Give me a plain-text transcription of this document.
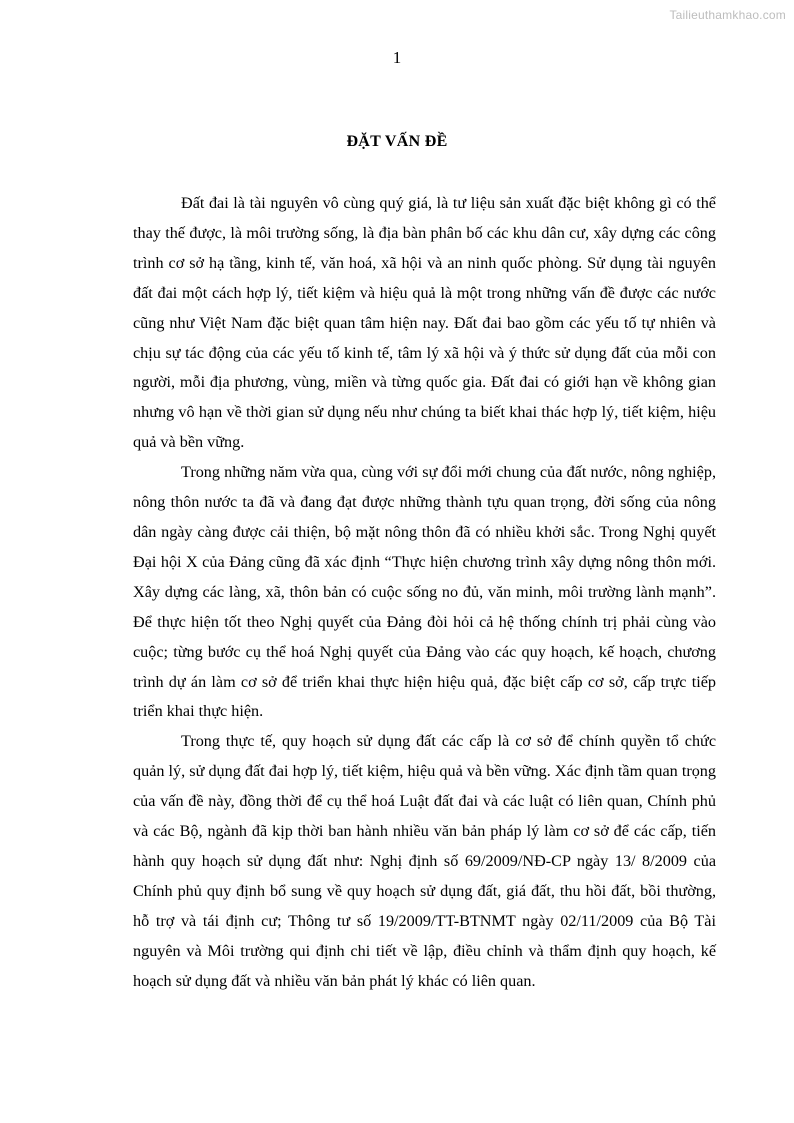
Tailieuthamkhao.com
1
ĐẶT VẤN ĐỀ

Đất đai là tài nguyên vô cùng quý giá, là tư liệu sản xuất đặc biệt không gì có thể thay thế được, là môi trường sống, là địa bàn phân bố các khu dân cư, xây dựng các công trình cơ sở hạ tầng, kinh tế, văn hoá, xã hội và an ninh quốc phòng. Sử dụng tài nguyên đất đai một cách hợp lý, tiết kiệm và hiệu quả là một trong những vấn đề được các nước cũng như Việt Nam đặc biệt quan tâm hiện nay. Đất đai bao gồm các yếu tố tự nhiên và chịu sự tác động của các yếu tố kinh tế, tâm lý xã hội và ý thức sử dụng đất của mỗi con người, mỗi địa phương, vùng, miền và từng quốc gia. Đất đai có giới hạn về không gian nhưng vô hạn về thời gian sử dụng nếu như chúng ta biết khai thác hợp lý, tiết kiệm, hiệu quả và bền vững.

Trong những năm vừa qua, cùng với sự đổi mới chung của đất nước, nông nghiệp, nông thôn nước ta đã và đang đạt được những thành tựu quan trọng, đời sống của nông dân ngày càng được cải thiện, bộ mặt nông thôn đã có nhiều khởi sắc. Trong Nghị quyết Đại hội X của Đảng cũng đã xác định “Thực hiện chương trình xây dựng nông thôn mới. Xây dựng các làng, xã, thôn bản có cuộc sống no đủ, văn minh, môi trường lành mạnh”. Để thực hiện tốt theo Nghị quyết của Đảng đòi hỏi cả hệ thống chính trị phải cùng vào cuộc; từng bước cụ thể hoá Nghị quyết của Đảng vào các quy hoạch, kế hoạch, chương trình dự án làm cơ sở để triển khai thực hiện hiệu quả, đặc biệt cấp cơ sở, cấp trực tiếp triển khai thực hiện.

Trong thực tế, quy hoạch sử dụng đất các cấp là cơ sở để chính quyền tổ chức quản lý, sử dụng đất đai hợp lý, tiết kiệm, hiệu quả và bền vững. Xác định tầm quan trọng của vấn đề này, đồng thời để cụ thể hoá Luật đất đai và các luật có liên quan, Chính phủ và các Bộ, ngành đã kịp thời ban hành nhiều văn bản pháp lý làm cơ sở để các cấp, tiến hành quy hoạch sử dụng đất như: Nghị định số 69/2009/NĐ-CP ngày 13/ 8/2009 của Chính phủ quy định bổ sung về quy hoạch sử dụng đất, giá đất, thu hồi đất, bồi thường, hỗ trợ và tái định cư; Thông tư số 19/2009/TT-BTNMT ngày 02/11/2009 của Bộ Tài nguyên và Môi trường qui định chi tiết về lập, điều chỉnh và thẩm định quy hoạch, kế hoạch sử dụng đất và nhiều văn bản phát lý khác có liên quan.
